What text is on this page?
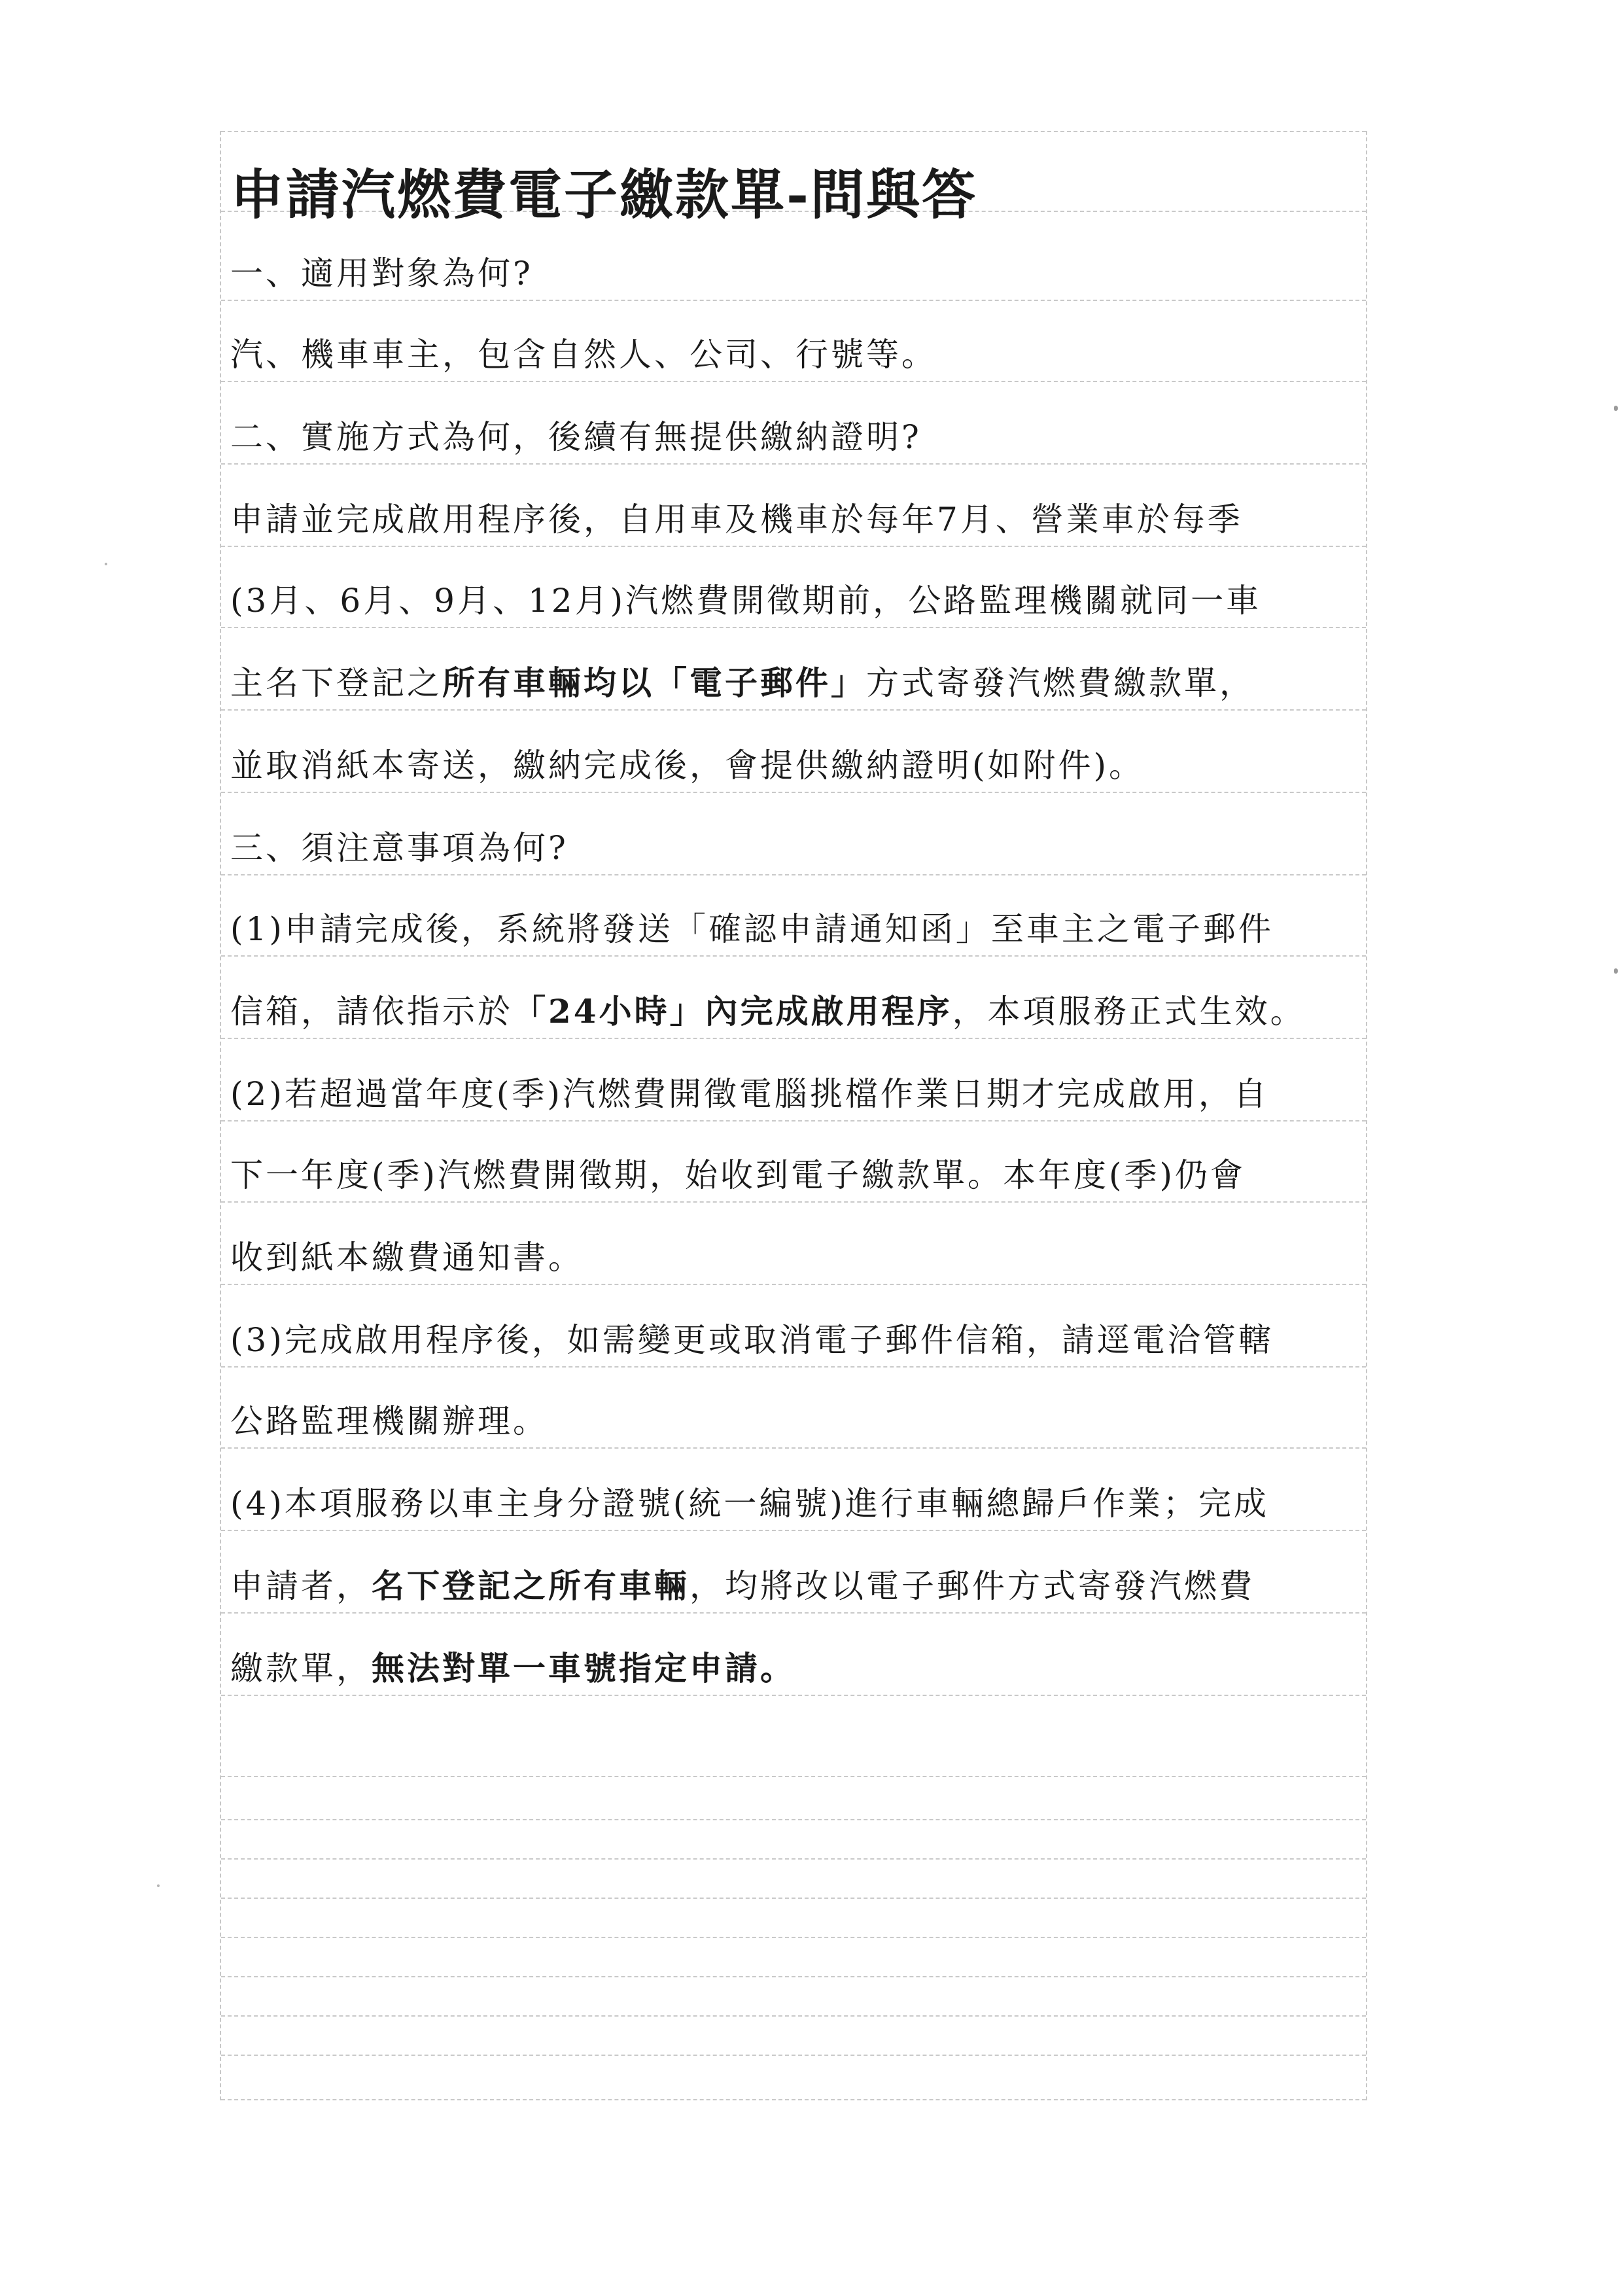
申請汽燃費電子繳款單-問與答
一、適用對象為何?
汽、機車車主，包含自然人、公司、行號等。
二、實施方式為何，後續有無提供繳納證明?
申請並完成啟用程序後，自用車及機車於每年7月、營業車於每季
(3月、6月、9月、12月)汽燃費開徵期前，公路監理機關就同一車
主名下登記之所有車輛均以「電子郵件」方式寄發汽燃費繳款單，
並取消紙本寄送，繳納完成後，會提供繳納證明(如附件)。
三、須注意事項為何?
(1)申請完成後，系統將發送「確認申請通知函」至車主之電子郵件
信箱，請依指示於「24小時」內完成啟用程序，本項服務正式生效。
(2)若超過當年度(季)汽燃費開徵電腦挑檔作業日期才完成啟用，自
下一年度(季)汽燃費開徵期，始收到電子繳款單。本年度(季)仍會
收到紙本繳費通知書。
(3)完成啟用程序後，如需變更或取消電子郵件信箱，請逕電洽管轄
公路監理機關辦理。
(4)本項服務以車主身分證號(統一編號)進行車輛總歸戶作業；完成
申請者，名下登記之所有車輛，均將改以電子郵件方式寄發汽燃費
繳款單，無法對單一車號指定申請。
